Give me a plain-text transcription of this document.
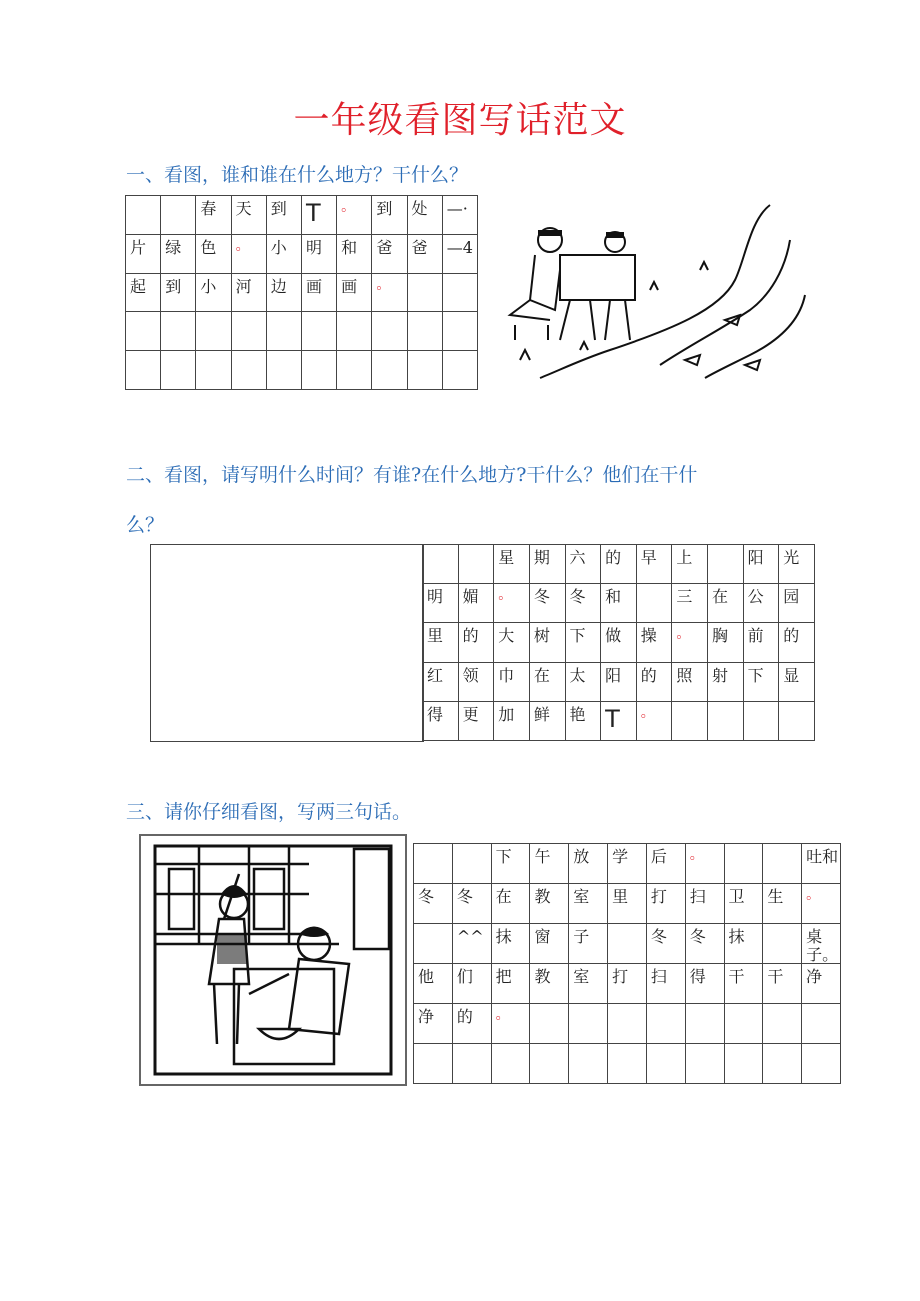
一年级看图写话范文
一、看图，谁和谁在什么地方？干什么？

		春	天	到	T	。	到	处	—·

片	绿	色	。	小	明	和	爸	爸	—4

起	到	小	河	边	画	画	。		

二、看图，请写明什么时间？有谁?在什么地方?干什么？他们在干什
么？

		星	期	六	的	早	上		阳	光

明	媚	。	冬	冬	和		三	在	公	园

里	的	大	树	下	做	操	。	胸	前	的

红	领	巾	在	太	阳	的	照	射	下	显

得	更	加	鲜	艳	T	。				

三、请你仔细看图，写两三句话。

		下	午	放	学	后	。			吐和

冬	冬	在	教	室	里	打	扫	卫	生	。

	^^	抹	窗	子		冬	冬	抹		桌子。

他	们	把	教	室	打	扫	得	干	干	净

净	的	。								
